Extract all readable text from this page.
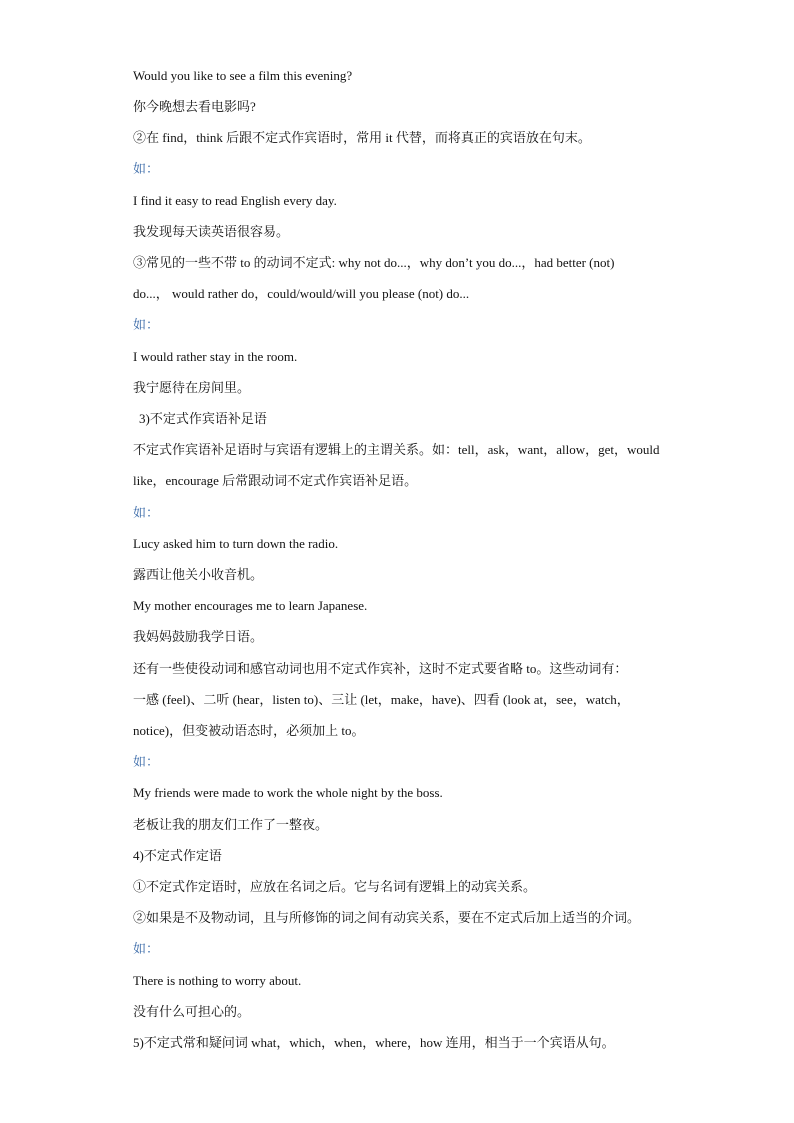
Would you like to see a film this evening?
你今晚想去看电影吗?
②在 find，think 后跟不定式作宾语时，常用 it 代替，而将真正的宾语放在句末。
如：
I find it easy to read English every day.
我发现每天读英语很容易。
③常见的一些不带 to 的动词不定式: why not do...，why don’t you do...，had better (not)
do...， would rather do，could/would/will you please (not) do...
如：
I would rather stay in the room.
我宁愿待在房间里。
3)不定式作宾语补足语
不定式作宾语补足语时与宾语有逻辑上的主谓关系。如：tell，ask，want，allow，get，would
like，encourage 后常跟动词不定式作宾语补足语。
如：
Lucy asked him to turn down the radio.
露西让他关小收音机。
My mother encourages me to learn Japanese.
我妈妈鼓励我学日语。
还有一些使役动词和感官动词也用不定式作宾补，这时不定式要省略 to。这些动词有：
一感 (feel)、二听 (hear，listen to)、三让 (let，make，have)、四看 (look at，see，watch，
notice)，但变被动语态时，必须加上 to。
如：
My friends were made to work the whole night by the boss.
老板让我的朋友们工作了一整夜。
4)不定式作定语
①不定式作定语时，应放在名词之后。它与名词有逻辑上的动宾关系。
②如果是不及物动词，且与所修饰的词之间有动宾关系，要在不定式后加上适当的介词。
如：
There is nothing to worry about.
没有什么可担心的。
5)不定式常和疑问词 what，which，when，where，how 连用，相当于一个宾语从句。
